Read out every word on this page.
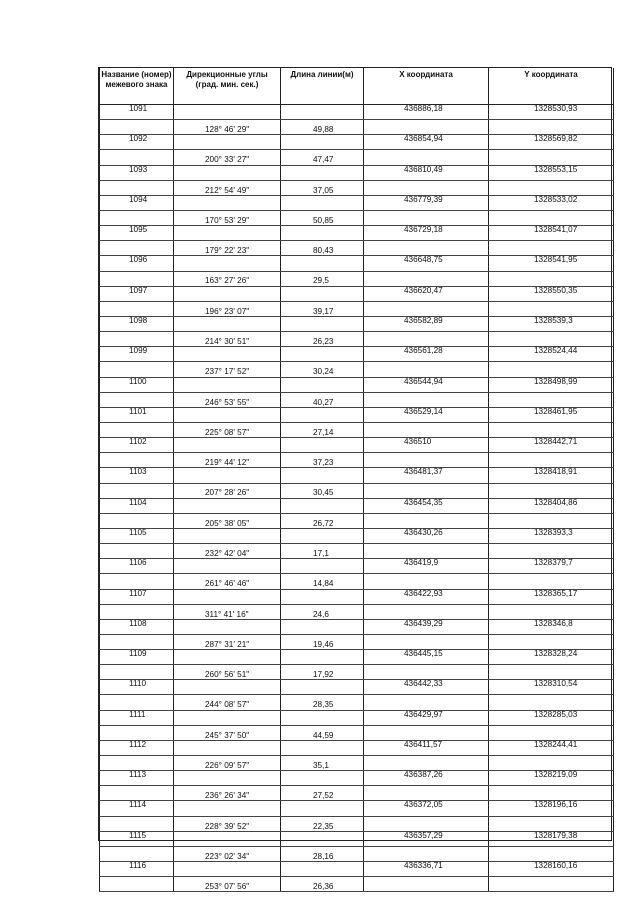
Название (номер) межевого знака	Дирекционные углы (град. мин. сек.)	Длина линии(м)	X координата	Y координата
1091			436886,18	1328530,93
	128° 46' 29"	49,88		
1092			436854,94	1328569,82
	200° 33' 27"	47,47		
1093			436810,49	1328553,15
	212° 54' 49"	37,05		
1094			436779,39	1328533,02
	170° 53' 29"	50,85		
1095			436729,18	1328541,07
	179° 22' 23"	80,43		
1096			436648,75	1328541,95
	163° 27' 26"	29,5		
1097			436620,47	1328550,35
	196° 23' 07"	39,17		
1098			436582,89	1328539,3
	214° 30' 51"	26,23		
1099			436561,28	1328524,44
	237° 17' 52"	30,24		
1100			436544,94	1328498,99
	246° 53' 55"	40,27		
1101			436529,14	1328461,95
	225° 08' 57"	27,14		
1102			436510	1328442,71
	219° 44' 12"	37,23		
1103			436481,37	1328418,91
	207° 28' 26"	30,45		
1104			436454,35	1328404,86
	205° 38' 05"	26,72		
1105			436430,26	1328393,3
	232° 42' 04"	17,1		
1106			436419,9	1328379,7
	261° 46' 46"	14,84		
1107			436422,93	1328365,17
	311° 41' 16"	24,6		
1108			436439,29	1328346,8
	287° 31' 21"	19,46		
1109			436445,15	1328328,24
	260° 56' 51"	17,92		
1110			436442,33	1328310,54
	244° 08' 57"	28,35		
1111			436429,97	1328285,03
	245° 37' 50"	44,59		
1112			436411,57	1328244,41
	226° 09' 57"	35,1		
1113			436387,26	1328219,09
	236° 26' 34"	27,52		
1114			436372,05	1328196,16
	228° 39' 52"	22,35		
1115			436357,29	1328179,38
	223° 02' 34"	28,16		
1116			436336,71	1328160,16
	253° 07' 56"	26,36		
